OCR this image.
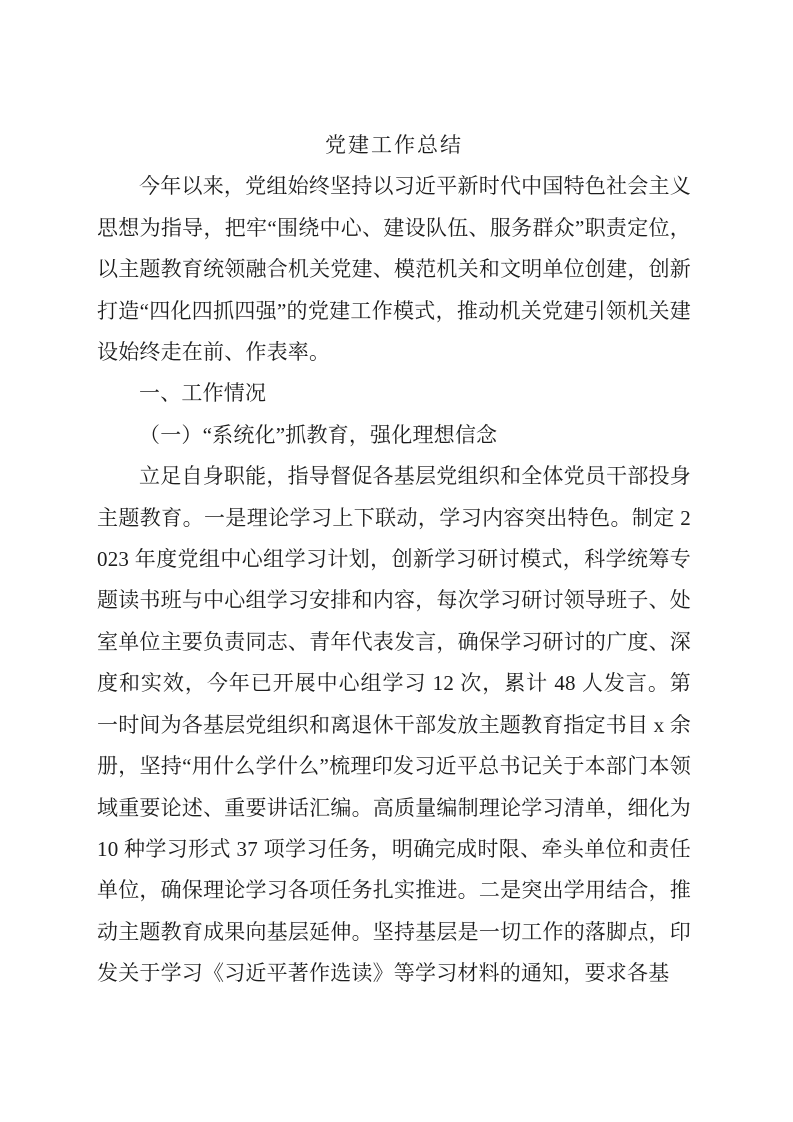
党建工作总结

今年以来，党组始终坚持以习近平新时代中国特色社会主义思想为指导，把牢“围绕中心、建设队伍、服务群众”职责定位，以主题教育统领融合机关党建、模范机关和文明单位创建，创新打造“四化四抓四强”的党建工作模式，推动机关党建引领机关建设始终走在前、作表率。

一、工作情况

（一）“系统化”抓教育，强化理想信念

立足自身职能，指导督促各基层党组织和全体党员干部投身主题教育。一是理论学习上下联动，学习内容突出特色。制定 2023 年度党组中心组学习计划，创新学习研讨模式，科学统筹专题读书班与中心组学习安排和内容，每次学习研讨领导班子、处室单位主要负责同志、青年代表发言，确保学习研讨的广度、深度和实效，今年已开展中心组学习 12 次，累计 48 人发言。第一时间为各基层党组织和离退休干部发放主题教育指定书目 x 余册，坚持“用什么学什么”梳理印发习近平总书记关于本部门本领域重要论述、重要讲话汇编。高质量编制理论学习清单，细化为 10 种学习形式 37 项学习任务，明确完成时限、牵头单位和责任单位，确保理论学习各项任务扎实推进。二是突出学用结合，推动主题教育成果向基层延伸。坚持基层是一切工作的落脚点，印发关于学习《习近平著作选读》等学习材料的通知，要求各基
